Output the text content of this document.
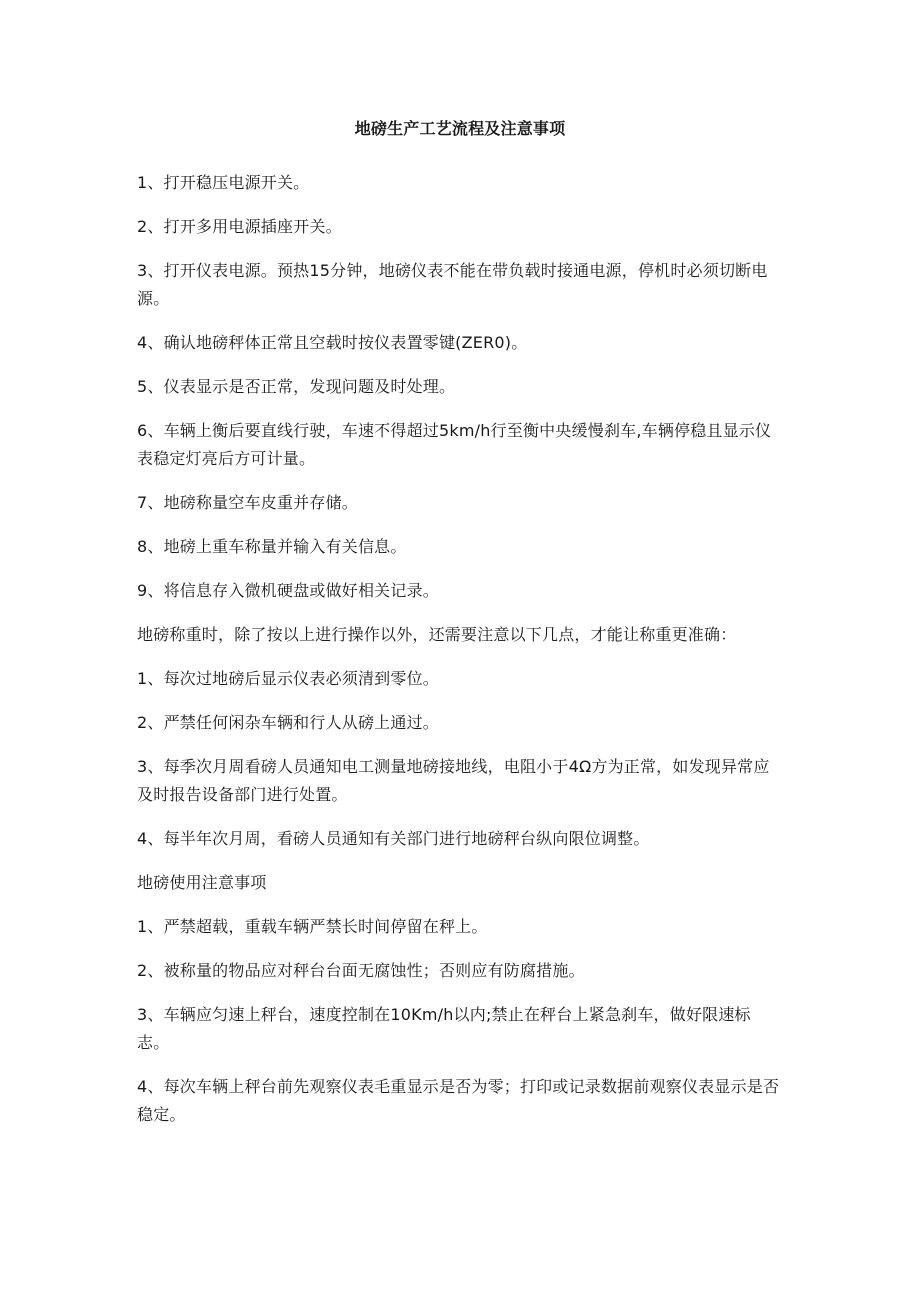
地磅生产工艺流程及注意事项

1、打开稳压电源开关。

2、打开多用电源插座开关。

3、打开仪表电源。预热15分钟，地磅仪表不能在带负载时接通电源，停机时必须切断电源。

4、确认地磅秤体正常且空载时按仪表置零键(ZER0)。

5、仪表显示是否正常，发现问题及时处理。

6、车辆上衡后要直线行驶，车速不得超过5km/h行至衡中央缓慢刹车,车辆停稳且显示仪表稳定灯亮后方可计量。

7、地磅称量空车皮重并存储。

8、地磅上重车称量并输入有关信息。

9、将信息存入微机硬盘或做好相关记录。

地磅称重时，除了按以上进行操作以外，还需要注意以下几点，才能让称重更准确：

1、每次过地磅后显示仪表必须清到零位。

2、严禁任何闲杂车辆和行人从磅上通过。

3、每季次月周看磅人员通知电工测量地磅接地线，电阻小于4Ω方为正常，如发现异常应及时报告设备部门进行处置。

4、每半年次月周，看磅人员通知有关部门进行地磅秤台纵向限位调整。

地磅使用注意事项

1、严禁超载，重载车辆严禁长时间停留在秤上。

2、被称量的物品应对秤台台面无腐蚀性；否则应有防腐措施。

3、车辆应匀速上秤台，速度控制在10Km/h以内;禁止在秤台上紧急刹车，做好限速标志。

4、每次车辆上秤台前先观察仪表毛重显示是否为零；打印或记录数据前观察仪表显示是否稳定。
